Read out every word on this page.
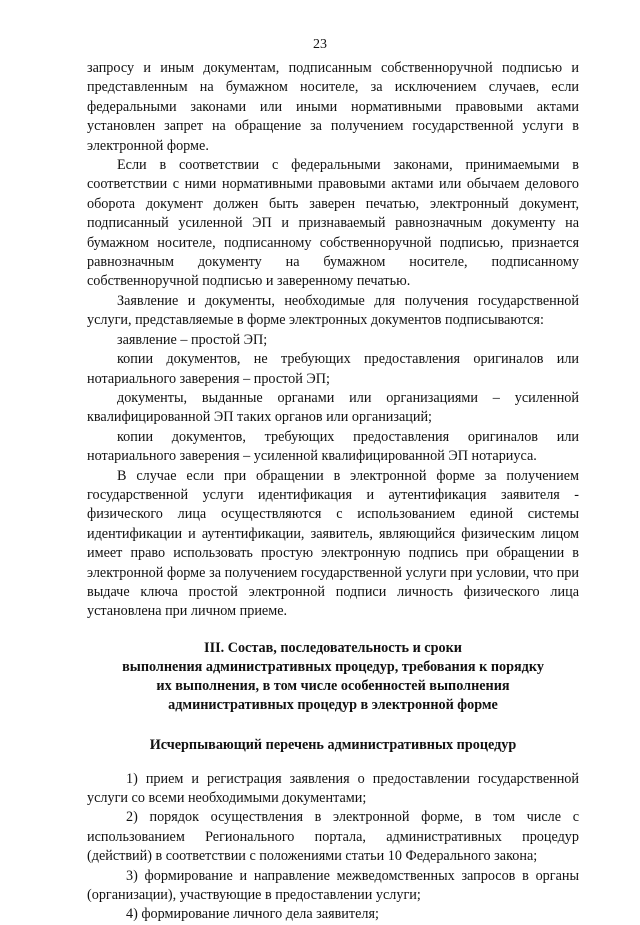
23

запросу и иным документам, подписанным собственноручной подписью и представленным на бумажном носителе, за исключением случаев, если федеральными законами или иными нормативными правовыми актами установлен запрет на обращение за получением государственной услуги в электронной форме.

Если в соответствии с федеральными законами, принимаемыми в соответствии с ними нормативными правовыми актами или обычаем делового оборота документ должен быть заверен печатью, электронный документ, подписанный усиленной ЭП и признаваемый равнозначным документу на бумажном носителе, подписанному собственноручной подписью, признается равнозначным документу на бумажном носителе, подписанному собственноручной подписью и заверенному печатью.

Заявление и документы, необходимые для получения государственной услуги, представляемые в форме электронных документов подписываются:

заявление – простой ЭП;

копии документов, не требующих предоставления оригиналов или нотариального заверения – простой ЭП;

документы, выданные органами или организациями – усиленной квалифицированной ЭП таких органов или организаций;

копии документов, требующих предоставления оригиналов или нотариального заверения – усиленной квалифицированной ЭП нотариуса.

В случае если при обращении в электронной форме за получением государственной услуги идентификация и аутентификация заявителя - физического лица осуществляются с использованием единой системы идентификации и аутентификации, заявитель, являющийся физическим лицом имеет право использовать простую электронную подпись при обращении в электронной форме за получением государственной услуги при условии, что при выдаче ключа простой электронной подписи личность физического лица установлена при личном приеме.

III. Состав, последовательность и сроки
выполнения административных процедур, требования к порядку
их выполнения, в том числе особенностей выполнения
административных процедур в электронной форме
Исчерпывающий перечень административных процедур

1) прием и регистрация заявления о предоставлении государственной услуги со всеми необходимыми документами;

2) порядок осуществления в электронной форме, в том числе с использованием Регионального портала, административных процедур (действий) в соответствии с положениями статьи 10 Федерального закона;

3) формирование и направление межведомственных запросов в органы (организации), участвующие в предоставлении услуги;

4) формирование личного дела заявителя;
